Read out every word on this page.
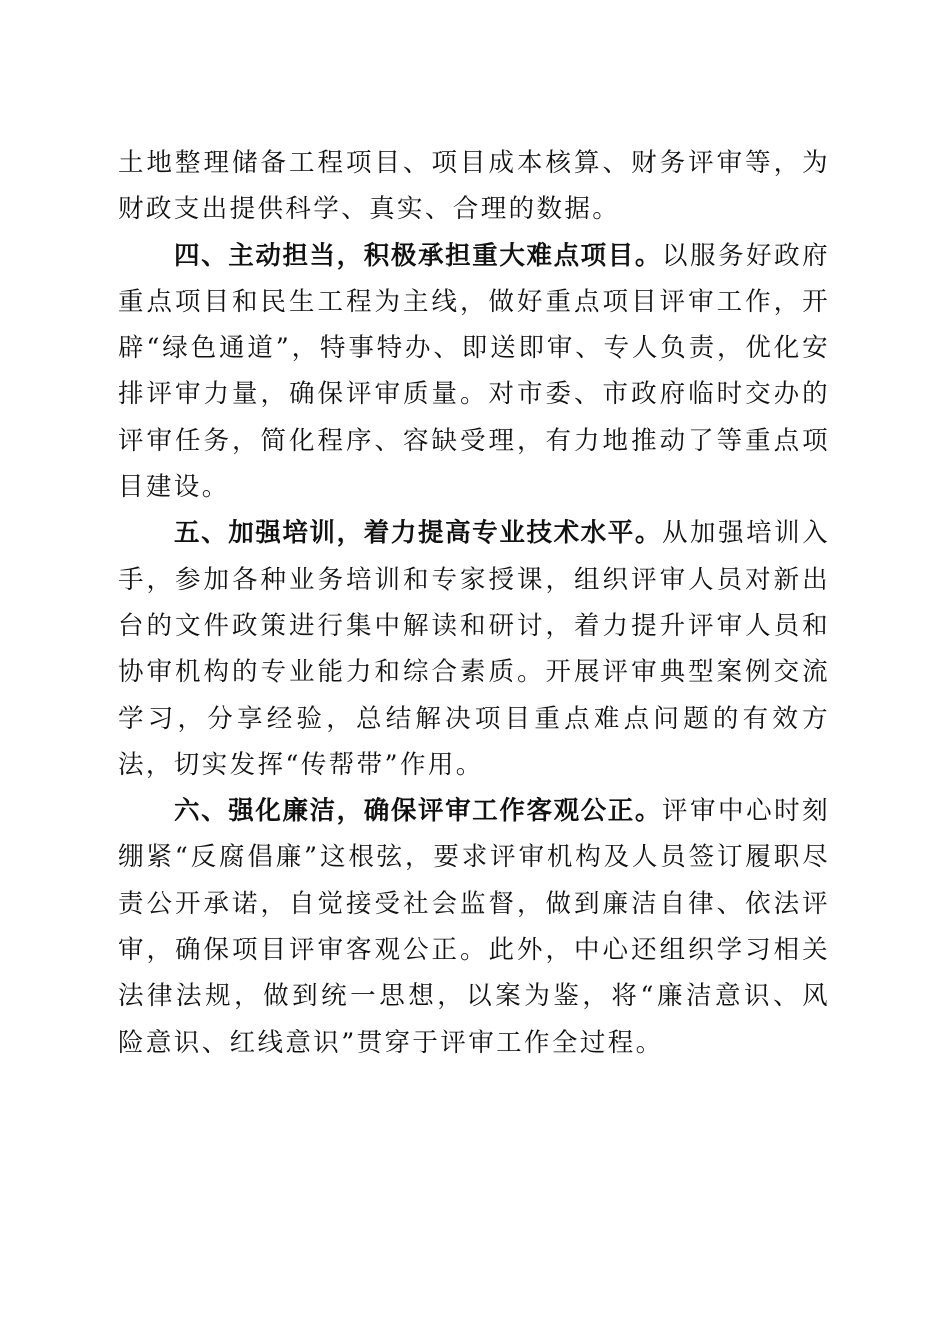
土地整理储备工程项目、项目成本核算、财务评审等，为财政支出提供科学、真实、合理的数据。

四、主动担当，积极承担重大难点项目。以服务好政府重点项目和民生工程为主线，做好重点项目评审工作，开辟“绿色通道”，特事特办、即送即审、专人负责，优化安排评审力量，确保评审质量。对市委、市政府临时交办的评审任务，简化程序、容缺受理，有力地推动了等重点项目建设。

五、加强培训，着力提高专业技术水平。从加强培训入手，参加各种业务培训和专家授课，组织评审人员对新出台的文件政策进行集中解读和研讨，着力提升评审人员和协审机构的专业能力和综合素质。开展评审典型案例交流学习，分享经验，总结解决项目重点难点问题的有效方法，切实发挥“传帮带”作用。

六、强化廉洁，确保评审工作客观公正。评审中心时刻绷紧“反腐倡廉”这根弦，要求评审机构及人员签订履职尽责公开承诺，自觉接受社会监督，做到廉洁自律、依法评审，确保项目评审客观公正。此外，中心还组织学习相关法律法规，做到统一思想，以案为鉴，将“廉洁意识、风险意识、红线意识”贯穿于评审工作全过程。
